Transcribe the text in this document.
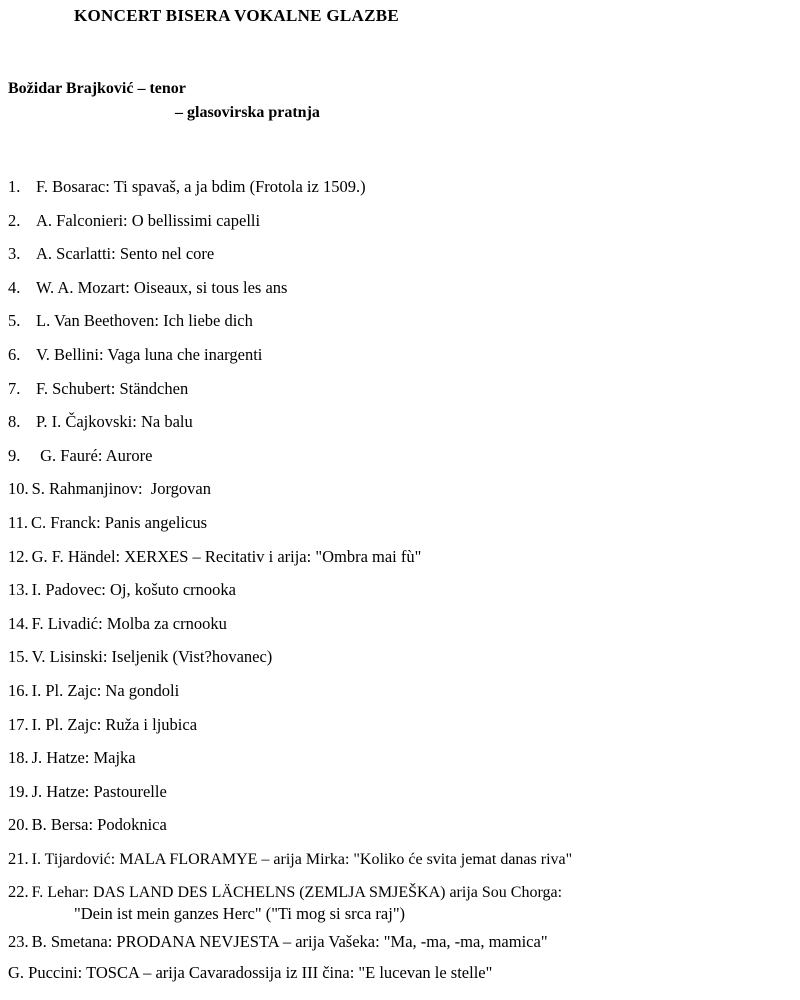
KONCERT BISERA VOKALNE GLAZBE
Božidar Brajković – tenor
– glasovirska pratnja
1. F. Bosarac: Ti spavaš, a ja bdim (Frotola iz 1509.)
2. A. Falconieri: O bellissimi capelli
3. A. Scarlatti: Sento nel core
4. W. A. Mozart: Oiseaux, si tous les ans
5. L. Van Beethoven: Ich liebe dich
6. V. Bellini: Vaga luna che inargenti
7. F. Schubert: Ständchen
8. P. I. Čajkovski: Na balu
9. G. Fauré: Aurore
10. S. Rahmanjinov:  Jorgovan
11. C. Franck: Panis angelicus
12. G. F. Händel: XERXES – Recitativ i arija: "Ombra mai fù"
13. I. Padovec: Oj, košuto crnooka
14. F. Livadić: Molba za crnooku
15. V. Lisinski: Iseljenik (Vist?hovanec)
16. I. Pl. Zajc: Na gondoli
17. I. Pl. Zajc: Ruža i ljubica
18. J. Hatze: Majka
19. J. Hatze: Pastourelle
20. B. Bersa: Podoknica
21. I. Tijardović: MALA FLORAMYE – arija Mirka: "Koliko će svita jemat danas riva"
22. F. Lehar: DAS LAND DES LÄCHELNS (ZEMLJA SMJEŠKA) arija Sou Chorga:
"Dein ist mein ganzes Herc" ("Ti mog si srca raj")
23. B. Smetana: PRODANA NEVJESTA – arija Vašeka: "Ma, -ma, -ma, mamica"
G. Puccini: TOSCA – arija Cavaradossija iz III čina: "E lucevan le stelle"
